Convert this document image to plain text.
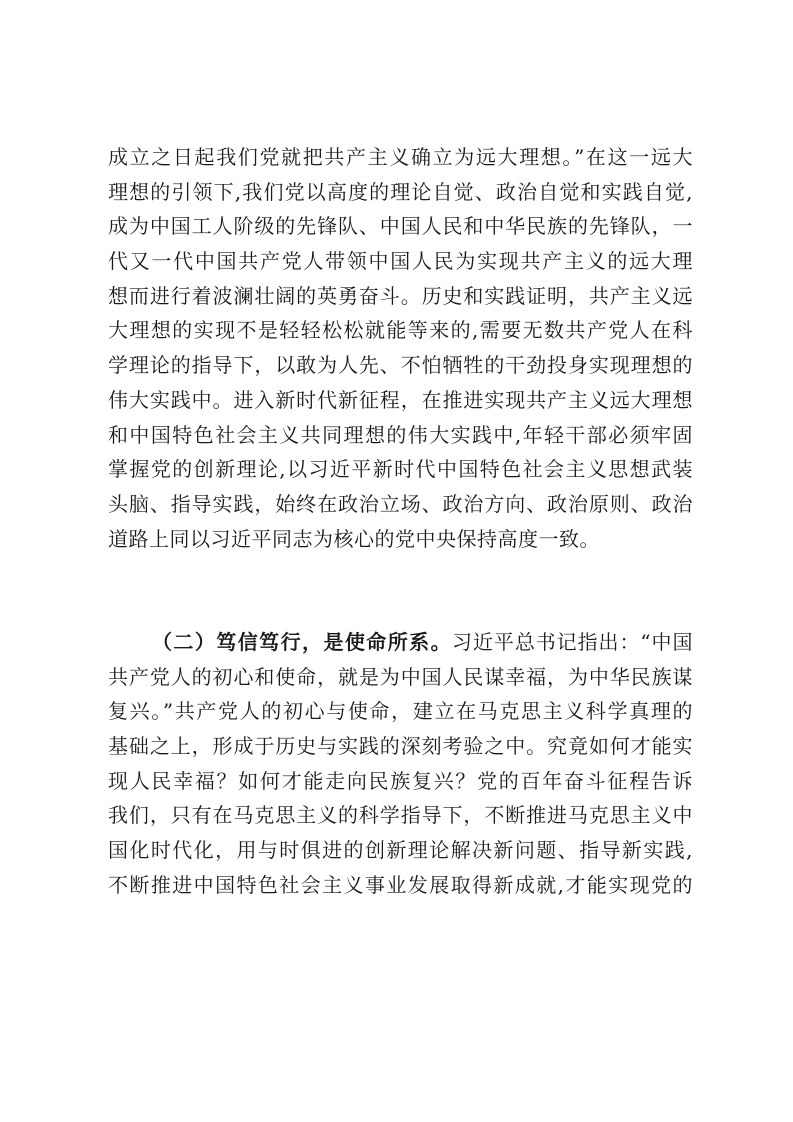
成立之日起我们党就把共产主义确立为远大理想。”在这一远大
理想的引领下,我们党以高度的理论自觉、政治自觉和实践自觉,
成为中国工人阶级的先锋队、中国人民和中华民族的先锋队，一
代又一代中国共产党人带领中国人民为实现共产主义的远大理
想而进行着波澜壮阔的英勇奋斗。历史和实践证明，共产主义远
大理想的实现不是轻轻松松就能等来的,需要无数共产党人在科
学理论的指导下，以敢为人先、不怕牺牲的干劲投身实现理想的
伟大实践中。进入新时代新征程，在推进实现共产主义远大理想
和中国特色社会主义共同理想的伟大实践中,年轻干部必须牢固
掌握党的创新理论,以习近平新时代中国特色社会主义思想武装
头脑、指导实践，始终在政治立场、政治方向、政治原则、政治
道路上同以习近平同志为核心的党中央保持高度一致。
（二）笃信笃行，是使命所系。习近平总书记指出：“中国
共产党人的初心和使命，就是为中国人民谋幸福，为中华民族谋
复兴。”共产党人的初心与使命，建立在马克思主义科学真理的
基础之上，形成于历史与实践的深刻考验之中。究竟如何才能实
现人民幸福？如何才能走向民族复兴？党的百年奋斗征程告诉
我们，只有在马克思主义的科学指导下，不断推进马克思主义中
国化时代化，用与时俱进的创新理论解决新问题、指导新实践,
不断推进中国特色社会主义事业发展取得新成就,才能实现党的
